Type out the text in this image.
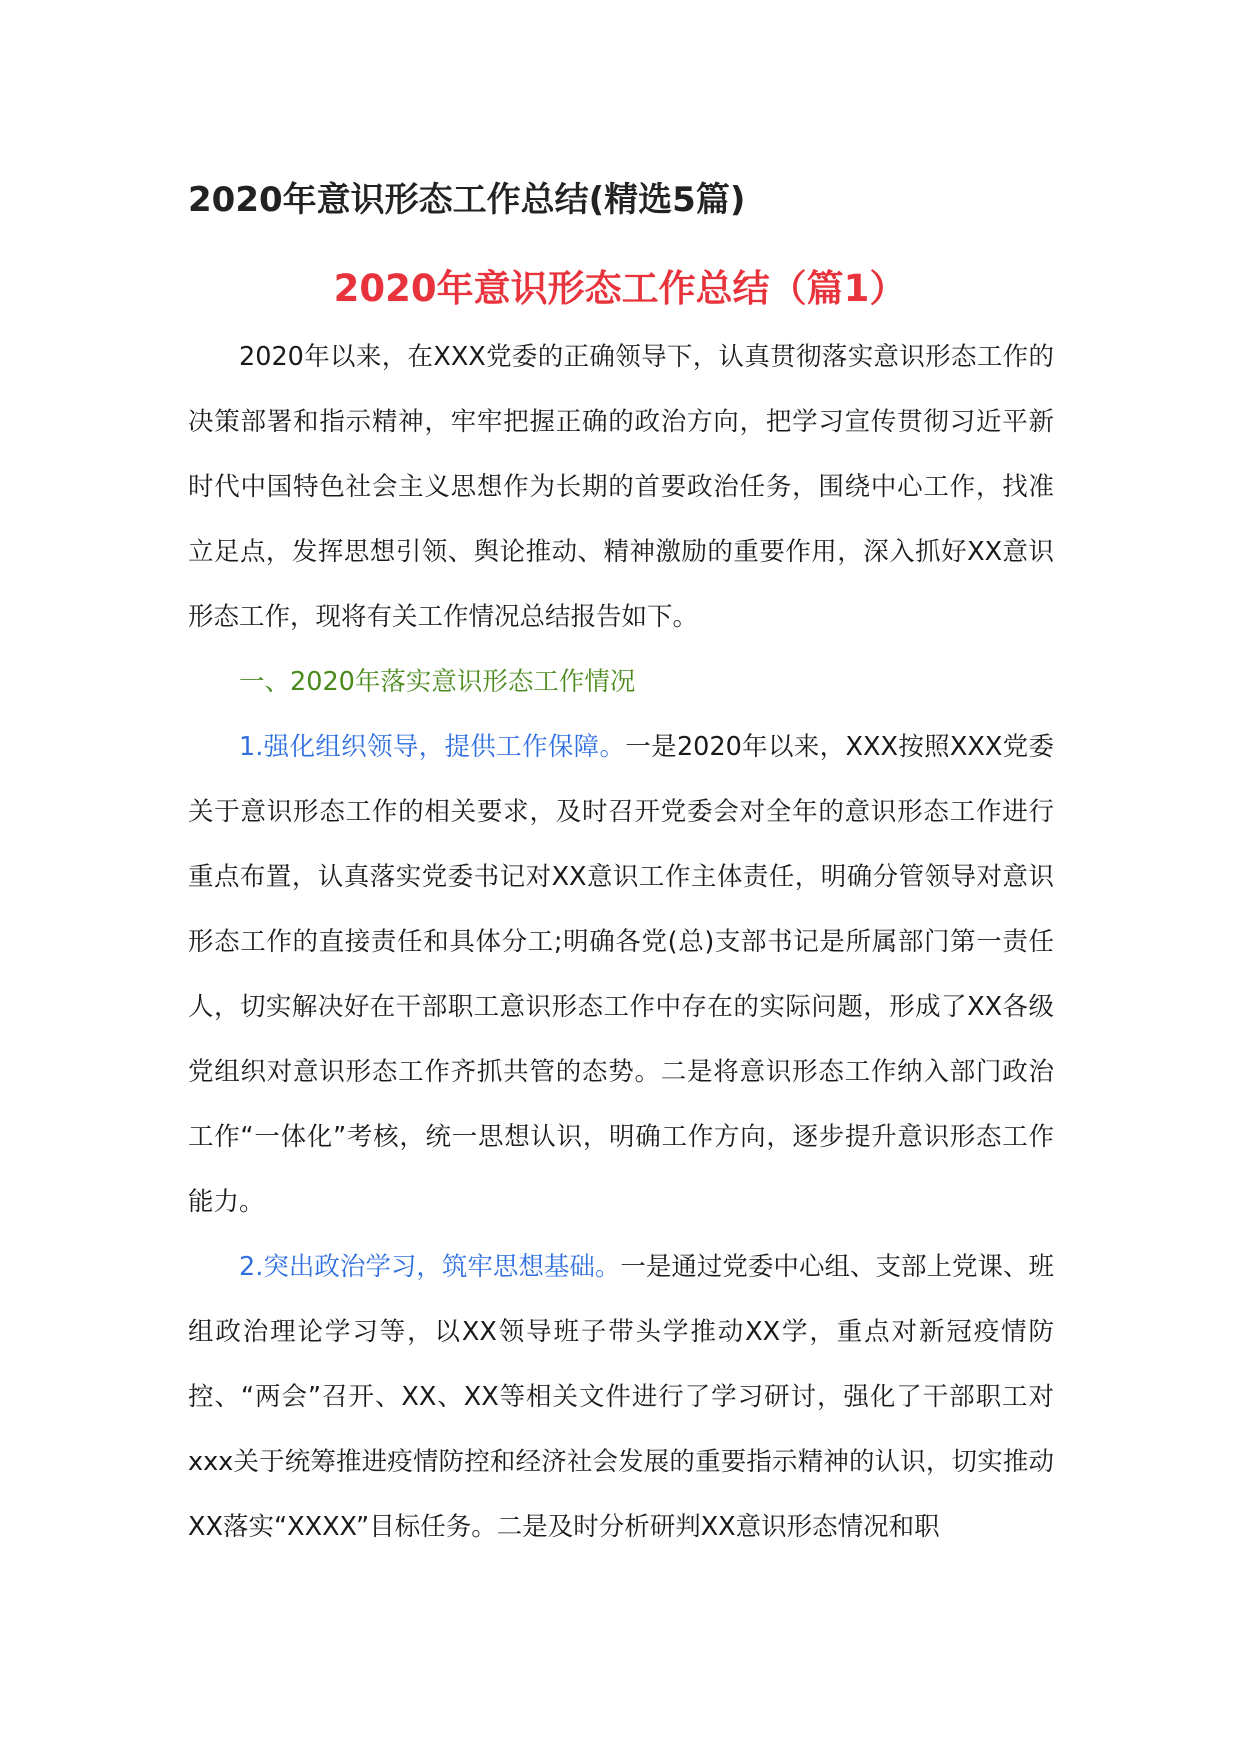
2020年意识形态工作总结(精选5篇)
2020年意识形态工作总结（篇1）

2020年以来，在XXX党委的正确领导下，认真贯彻落实意识形态工作的决策部署和指示精神，牢牢把握正确的政治方向，把学习宣传贯彻习近平新时代中国特色社会主义思想作为长期的首要政治任务，围绕中心工作，找准立足点，发挥思想引领、舆论推动、精神激励的重要作用，深入抓好XX意识形态工作，现将有关工作情况总结报告如下。

一、2020年落实意识形态工作情况

1.强化组织领导，提供工作保障。一是2020年以来，XXX按照XXX党委关于意识形态工作的相关要求，及时召开党委会对全年的意识形态工作进行重点布置，认真落实党委书记对XX意识工作主体责任，明确分管领导对意识形态工作的直接责任和具体分工;明确各党(总)支部书记是所属部门第一责任人，切实解决好在干部职工意识形态工作中存在的实际问题，形成了XX各级党组织对意识形态工作齐抓共管的态势。二是将意识形态工作纳入部门政治工作“一体化”考核，统一思想认识，明确工作方向，逐步提升意识形态工作能力。

2.突出政治学习，筑牢思想基础。一是通过党委中心组、支部上党课、班组政治理论学习等，以XX领导班子带头学推动XX学，重点对新冠疫情防控、“两会”召开、XX、XX等相关文件进行了学习研讨，强化了干部职工对xxx关于统筹推进疫情防控和经济社会发展的重要指示精神的认识，切实推动XX落实“XXXX”目标任务。二是及时分析研判XX意识形态情况和职
